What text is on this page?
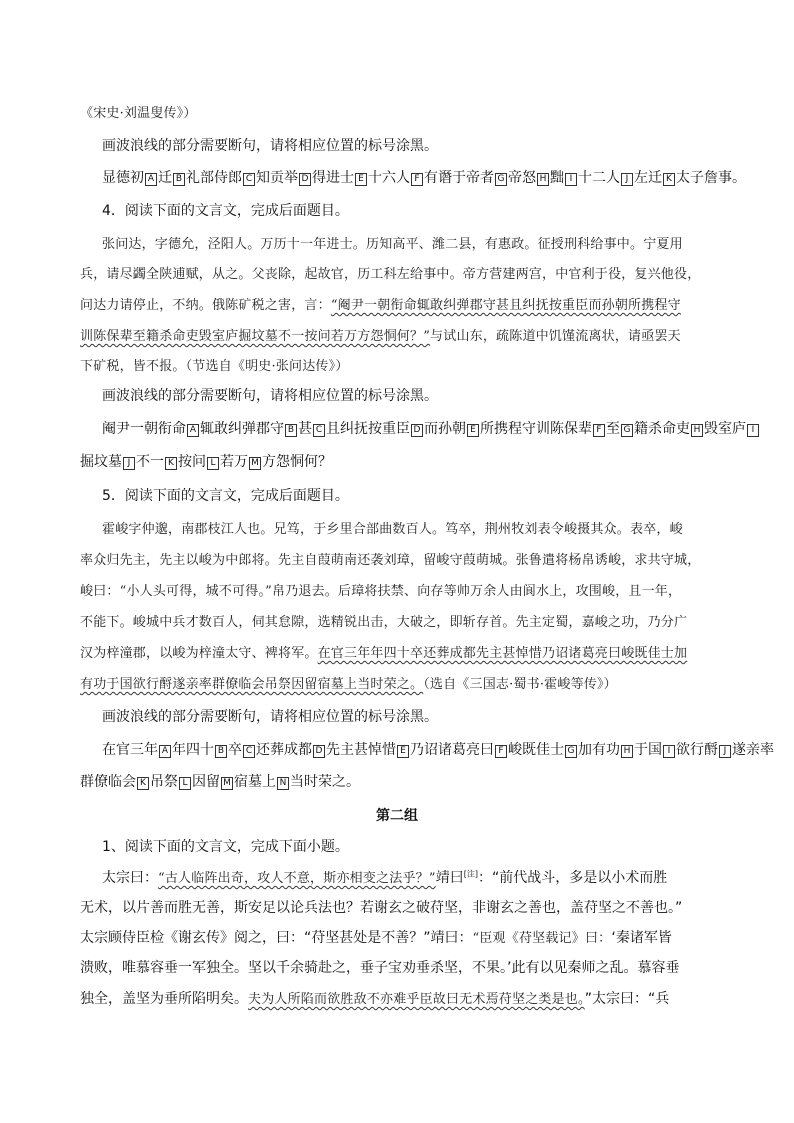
《宋史·刘温叟传》）
画波浪线的部分需要断句，请将相应位置的标号涂黑。
显德初 A 迁 B 礼部侍郎 C 知贡举 D 得进士 E 十六人 F 有谮于帝者 G 帝怒 H 黜 I 十二人 J 左迁 K 太子詹事。
4．阅读下面的文言文，完成后面题目。
张问达，字德允，泾阳人。万历十一年进士。历知高平、潍二县，有惠政。征授刑科给事中。宁夏用
兵，请尽蠲全陕逋赋，从之。父丧除，起故官，历工科左给事中。帝方营建两宫，中官利于役，复兴他役，
问达力请停止，不纳。俄陈矿税之害，言：“阉尹一朝衔命辄敢纠弹郡守甚且纠抚按重臣而孙朝所携程守
训陈保辈至籍杀命吏毁室庐掘坟墓不一按问若万方怨恫何？”与试山东，疏陈道中饥馑流离状，请亟罢天
下矿税，皆不报。（节选自《明史·张问达传》）
画波浪线的部分需要断句，请将相应位置的标号涂黑。
阉尹一朝衔命 A 辄敢纠弹郡守 B 甚 C 且纠抚按重臣 D 而孙朝 E 所携程守训陈保辈 F 至 G 籍杀命吏 H 毁室庐 I
掘坟墓 J 不一 K 按问 L 若万 M 方怨恫何？
5．阅读下面的文言文，完成后面题目。
霍峻字仲邈，南郡枝江人也。兄笃，于乡里合部曲数百人。笃卒，荆州牧刘表令峻摄其众。表卒，峻
率众归先主，先主以峻为中郎将。先主自葭萌南还袭刘璋，留峻守葭萌城。张鲁遣将杨帛诱峻，求共守城，
峻曰：“小人头可得，城不可得。”帛乃退去。后璋将扶禁、向存等帅万余人由阆水上，攻围峻，且一年，
不能下。峻城中兵才数百人，伺其怠隙，选精锐出击，大破之，即斩存首。先主定蜀，嘉峻之功，乃分广
汉为梓潼郡，以峻为梓潼太守、裨将军。在官三年年四十卒还葬成都先主甚悼惜乃诏诸葛亮曰峻既佳士加
有功于国欲行酹遂亲率群僚临会吊祭因留宿墓上当时荣之。（选自《三国志·蜀书·霍峻等传》）
画波浪线的部分需要断句，请将相应位置的标号涂黑。
在官三年 A 年四十 B 卒 C 还葬成都 D 先主甚悼惜 E 乃诏诸葛亮曰 F 峻既佳士 G 加有功 H 于国 I 欲行酹 J 遂亲率
群僚临会 K 吊祭 L 因留 M 宿墓上 N 当时荣之。
第二组
1、阅读下面的文言文，完成下面小题。
太宗曰：“古人临阵出奇，攻人不意，斯亦相变之法乎？”靖曰[注]：“前代战斗，多是以小术而胜
无术，以片善而胜无善，斯安足以论兵法也？若谢玄之破苻坚，非谢玄之善也，盖苻坚之不善也。”
太宗顾侍臣检《谢玄传》阅之，曰：“苻坚甚处是不善？”靖曰：“臣观《苻坚载记》曰：‘秦诸军皆
溃败，唯慕容垂一军独全。坚以千余骑赴之，垂子宝劝垂杀坚，不果。’此有以见秦师之乱。慕容垂
独全，盖坚为垂所陷明矣。夫为人所陷而欲胜敌不亦难乎臣故曰无术焉苻坚之类是也。”太宗曰：“兵
